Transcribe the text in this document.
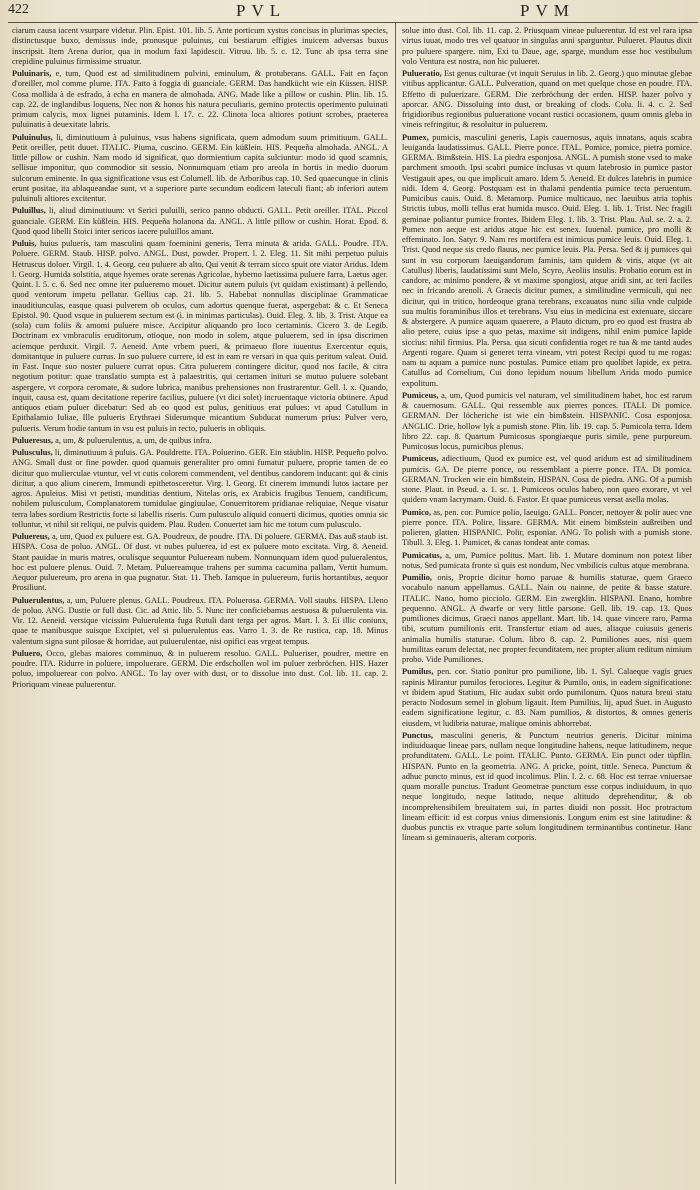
422	PVL	PVM

ciarum causa iacent vsurpare videtur. Plin. Epist. 101. lib. 5. Ante porticum xystus concisus in plurimas species, distinctusque buxo, demissus inde, pronusque puluinus, cui bestiarum effigies inuicem adversas buxus inscripsit. Item Arena durior, qua in modum faxi lapidescit. Vitruu. lib. 5. c. 12. Tunc ab ipsa terra sine crepidine puluinus firmissime struatur.

Puluinaris, e, tum, Quod est ad similitudinem pulvini, eminulum, & protuberans. GALL. Fait en façon d'oreiller, mol comme plume. ITA. Fatto à foggia di guanciale. GERM. Das handkücht wie ein Küssen. HISP. Cosa mollida à de esfrado, à echa en manera de almohada. ANG. Made like a pillow or cushin. Plin. lib. 15. cap. 22. de inglandibus loquens, Nec non & honos his natura peculiaris, gemino protectis operimento puluinati primum calycis, mox lignei putaminis. Idem l. 17. c. 22. Clinota loca altiores potiunt scrobes, praeterea puluinatis à deuexitate labris.

Puluinulus, li, diminutiuum à puluinus, vsus habens significata, quem admodum suum primitiuum. GALL. Petit oreiller, petit duuet. ITALIC. Piuma, cuscino. GERM. Ein küßlein. HIS. Pequeña almohada. ANGL. A little pillow or cushin. Nam modo id significat, quo dormientium capita sulciuntur: modo id quod scamnis, sellisue imponitur, quo commodior sit sessio. Nonnumquam etiam pro areola in hortis in medio duorum sulcorum eminente. In qua significatione vsus est Columell. lib. de Arboribus cap. 10. Sed quaecunque in clinis erunt positae, ita ablaqueandae sunt, vt a superiore parte secundum eodicem lateculi fiant; ab inferiori autem puluinuli altiores excitentur.

Puluillus, li, aliud diminutiuum: vt Serici puluilli, serico panno obducti. GALL. Petit oreiller. ITAL. Piccol guanciale. GERM. Ein küßlein. HIS. Pequeña holanona da. ANGL. A little pillow or cushin. Horat. Epod. 8. Quod quod libelli Stoici inter sericos iacere puluillos amant.

Puluis, huius puluerís, tam masculini quam foeminini generis, Terra minuta & arida. GALL. Poudre. ITA. Poluere. GERM. Staub. HISP. polvo. ANGL. Dust, powder. Propert. l. 2. Eleg. 11. Sit mihi perpetuo puluis Hetruscus doloer. Virgil. 1. 4. Georg. ceu puluere ab alto, Qui venit & terram sicco spuit ore viator Aridus. Idem l. Georg. Humida solstitia, atque hyemes orate serenas Agricolae, hyberno laetissima puluere farra, Laetus ager. Quint. l. 5. c. 6. Sed nec omne iter pulueremo mouet. Dicitur autem puluis (vt quidam existimant) à pellendo, quod ventorum impetu pellatur. Gellius cap. 21. lib. 5. Habebat nonnullas disciplinae Grammaticae inauditiunculas, easque quasi pulverem ob oculos, cum adortus quenque fuerat, aspergebat: & c. Et Seneca Epistol. 90. Quod vsque in puluerem sectum est (i. in minimas particulas). Ouid. Eleg. 3. lib. 3. Trist. Atque ea (sola) cum foliis & amomi puluere misce. Accipitur aliquando pro loco certaminis. Cicero 3. de Legib. Doctrinam ex vmbraculis eruditorum, otioque, non modo in solem, atque puluerem, sed in ipsa discrimen aciemque perduxit. Virgil. 7. Aeneid. Ante vrbem pueri, & primaeuo flore iuuentus Exercentur equis, domitantque in puluere currus. In suo puluere currere, id est in eam re versari in qua quis peritum valeat. Ouid. in Fast. Inque suo noster puluere currat opus. Citra puluerem contingere dicitur, quod nos facile, & citra negotium potitur: quae translatio sumpta est à palaestritis, qui certamen inituri se mutuo puluere solebant aspergere, vt corpora ceromate, & sudore lubrica, manibus prehensiones non frustrarentur. Gell. l. x. Quando, inquit, causa est, quam decitatione reperire facilius, puluere (vt dici solet) incruentaque victoria obtinere. Apud antiquos etiam puluer dicebatur: Sed ab eo quod est pulus, genitiuus erat pulues: vt apud Catullum in Epithalamio Iuliae, Ille pulueris Erythraei Siderumque micantium Subducat numerum prius: Pulver vero, pulueris. Verum hodie tantum in vsu est puluis in recto, pulueris in obliquis.

Pulueresus, a, um, & puluerulentus, a, um, de quibus infra.

Pulusculus, li, diminutiuum à puluis. GA. Pouldrette. ITA. Poluerino. GER. Ein stäublin. HISP. Pequeño polvo. ANG. Small dust or fine powder. quod quamuis generaliter pro omni fumatur puluere, proprie tamen de eo dicitur quo mulierculae vtuntur, vel vt cutis colorem commendent, vel dentibus candorem inducant: qui & cinis dicitur, a quo alium cinerem, Immundi epithetosceretur. Virg. l. Georg. Et cinerem immundi lutos iactare per agros. Apuleius. Misi vt petisti, munditias dentium, Nitelas oris, ex Arabicis frugibus Tenuem, candificum, nobilem pulusculum, Complanatorem tumidulae gingiuulae, Conuerritorem pridianae reliquiae, Neque visatur terra labes sordium Restrictis forte si labellis riseris. Cum pulusculo aliquid conuerti dicimus, quoties omnia sic tolluntur, vt nihil sit reliqui, ne pulvis quidem. Plau. Ruden. Conuertet iam hic me totum cum pulusculo.

Puluereus, a, um, Quod ex puluere est. GA. Poudreux, de poudre. ITA. Di poluere. GERMA. Das auß staub ist. HISPA. Cosa de poluo. ANGL. Of dust. vt nubes puluerea, id est ex puluere moto excitata. Virg. 8. Aeneid. Stant pauidae in muris matres, oculisque sequuntur Pulueream nubem. Nonnunquam idem quod pulueralentus, hoc est puluere plenus. Ouid. 7. Metam. Puluereamque trahens per summa cacumina pallam, Vertit humum. Aequor puluereum, pro arena in qua pugnatur. Stat. 11. Theb. Iamque in puluereum, furiis hortantibus, aequor Prosiliunt.

Puluerulentus, a, um, Puluere plenus. GALL. Poudreux. ITA. Poluerosa. GERMA. Voll staubs. HISPA. Lleno de poluo. ANG. Dustie or full dust. Cic. ad Attic. lib. 5. Nunc iter conficiebamus aestuosa & puluerulenta via. Vir. 12. Aeneid. versique vicissim Puluerulenta fuga Rutuli dant terga per agros. Mart. l. 3. Ei illic coniunx, quae te manibusque suisque Excipiet, vel si puluerulentus eas. Varro 1. 3. de Re rustica, cap. 18. Minus valentum signa sunt pilosae & horridae, aut puluerulentae, nisi opifici eas vrgeat tempus.

Puluero, Occo, glebas maiores comminuo, & in puluerem resoluo. GALL. Pulueriser, poudrer, mettre en poudre. ITA. Ridurre in poluere, impoluerare. GERM. Die erdschollen wol im puluer zerbröchen. HIS. Hazer poluo, impoluerear con polvo. ANGL. To lay over with dust, or to dissolue into dust. Col. lib. 11. cap. 2. Prioriquam vineae puluerentur.

solue into dust. Col. lib. 11. cap. 2. Priusquam vineae puluerentur. Id est vel rara ipsa virtus iuuat, modo tres vel quatuor in singulas anni sparguntur. Pulueret. Plautus dixit pro puluere spargere. nim, Exi tu Daue, age, sparge, mundum esse hoc vestibulum volo Ventura est nostra, non hic pulueret.

Pulueratio, Est genus culturae (vt inquit Seruius in lib. 2. Georg.) quo minutae glebae vitibus applicantur. GALL. Pulveration, quand on met quelque chose en poudre. ITA. Effetto di puluerizare. GERM. Die zerbröchung der erden. HISP. hazer polvo y aporcar. ANG. Dissoluing into dust, or breaking of clods. Colu. li. 4. c. 2. Sed frigidioribus regionibus pulueratione vocant rustici occasionem, quum omnis gleba in vineis refringitur, & resoluitur in puluerem.

Pumex, pumicis, masculini generis, Lapis cauernosus, aquis innatans, aquis scabra leuiganda laudatissimus. GALL. Pierre ponce. ITAL. Pomice, pomice, pietra pomice. GERMA. Bimßstein. HIS. La piedra esponjosa. ANGL. A pumish stone vsed to make parchment smooth. Ipsi scabri pumice inclusas vt quum latebrosio in pumice pastor Vestigauit apes, ou que implicuit amaro. Idem 5. Aeneid. Et dulces latebris in pumice nidi. Idem 4. Georg. Postquam est in thalami pendentia pumice tecta peruentum. Pumicibus cauis. Ouid. 8. Metamorp. Pumice multicauo, nec laeuibus atria tophis Strictis iubus, molli tellus erat humida musco. Ouid. Eleg. 1. lib. 1. Trist. Nec fragili geminae poliantur pumice frontes. Ibidem Eleg. 1. lib. 3. Trist. Plau. Aul. se. 2. a. 2. Pumex non aeque est aridus atque hic est senex. Iuuenal. pumice, pro molli & effeminato. Ion. Satyr. 9. Nam res mortifera est inimicus pumice leuis. Ouid. Eleg. 1. Trist. Quod neque sis credo flauus, nec pumice leuis. Pla. Persa. Sed & ij pumices qui sunt in vsu corporum laeuigandorum faminis, iam quidem & viris, atque (vt ait Catullus) liberis, laudatissimi sunt Melo, Scyro, Aeoliis insulis. Probatio eorum est in candore, ac minimo pondere, & vt maxime spongiosi, atque aridi sint, ac teri faciles nec in fricando arenoli. A Graecis dicitur pumex, a similitudine vermiculi, qui nec dicitur, qui in tritico, hordeoque grana terebrans, excauatos nunc silia vnde culpide sua multis foraminibus illos et terebrans. Vsu eius in medicina est extenuare, siccare & abstergere. A pumice aquam quaerere, a Plauto dictum, pro eo quod est frustra ab alio petere, cuius ipse a quo petas, maxime sit indigens, nihil enim pumice lapide siccius: nihil firmius. Pla. Persa. qua sicuti confidentia roget re tua & me tantd audes Argenti rogare. Quam si generet terra vineam, vtri potest Recipi quod tu me rogas: nam tu aquam a pumice nunc postulas. Pumice etiam pro quolibet lapide, ex petra. Catullus ad Cornelium, Cui dono lepidum nouum libellum Arida modo pumice expolitum.

Pumiceus, a, um, Quod pumicis vel naturam, vel similitudinem habet, hoc est rarum & cauernosum. GALL. Qui ressemble aux pierres ponces. ITALI. Di pomice. GERMAN. Der löcheriche ist wie ein bimßstein. HISPANIC. Cosa esponjosa. ANGLIC. Drie, hollow lyk a pumish stone. Plin. lib. 19. cap. 5. Pumicola terra. Idem libro 22. cap. 8. Quartum Pumicosus spongiaeque puris simile, pene purpureum. Pumicosus locus, pumicibus plenus.

Pumiceus, adiectiuum, Quod ex pumice est, vel quod aridum est ad similitudinem pumicis. GA. De pierre ponce, ou ressemblant a pierre ponce. ITA. Di pomica. GERMAN. Trocken wie ein bimßstein. HISPAN. Cosa de piedra. ANG. Of a pumish stone. Plaut. in Pseud. a. 1. sc. 1. Pumiceos oculos habeo, non queo exorare, vt vel quidem vnam lacrymam. Ouid. 6. Fastor. Et quae pumiceus versat asella molas.

Pumico, as, pen. cor. Pumice polio, laeuigo. GALL. Poncer, nettoyer & polir auec vne pierre ponce. ITA. Polire, lissare. GERMA. Mit einem bimßstein außreiben und polieren, glatten. HISPANIC. Polir, esponiar. ANG. To polish with a pumish stone. Tibull. 3. Eleg. 1. Pumicet, & canas tondeat ante comas.

Pumicatus, a, um, Pumice politus. Mart. lib. 1. Mutare dominum non potest liber notus, Sed pumicata fronte si quis est nondum, Nec vmbilicis cultus atque membrana.

Pumilio, onis, Proprie dicitur homo paruae & humilis staturae, quem Graeco vocabulo nanum appellamus. GALL. Nain ou nainne, de petite & basse stature. ITALIC. Nano, homo picciolo. GERM. Ein zwergklin. HISPANI. Enano, hombre pequenno. ANGL. A dwarfe or very little parsone. Gell. lib. 19. cap. 13. Quos pumiliones dicimus, Graeci nanos appellant. Mart. lib. 14. quae vincere raro, Parma tibi, scutum pumilionis erit. Transfertur etiam ad aues, aliaque cuiusuis generis animalia humilis staturae. Colum. libro 8. cap. 2. Pumiliones aues, nisi quem humilitas earum delectat, nec propter fecunditatem, nec propter alium reditum nimium probo. Vide Pumiliones.

Pumilus, pen. cor. Statio ponitur pro pumilione, lib. 1. Syl. Calaeque vagis grues rapinis Mirantur pumilos ferociores. Legitur & Pumilo, onis, in eadem significatione: vt ibidem apud Statium, Hic audax subit ordo pumilonum. Quos natura breui statu peracto Nodosum semel in globum ligauit. Item Pumilius, lij, apud Suet. in Augusto eadem significatione legitur, c. 83. Nam pumilios, & distortos, & omnes generis eiusdem, vt ludibria naturae, malique ominis abhorrebat.

Punctus, masculini generis, & Punctum neutrius generis. Dicitur minima indiuiduaque lineae pars, nullam neque longitudine habens, neque latitudinem, neque profunditatem. GALL. Le point. ITALIC. Punto. GERMA. Ein punct oder tüpflin. HISPAN. Punto en la geometria. ANG. A pricke, point, tittle. Seneca. Punctum & adhuc puncto minus, est id quod incolimus. Plin. l. 2. c. 68. Hoc est terrae vniuersae quam moralle punctus. Tradunt Geometrae punctum esse corpus indiuiduum, in quo neque longitudo, neque latitudo, neque altitudo deprehenditur, & ob incomprehensibilem breuitatem sui, in partes diuidi non possit. Hoc protractum lineam efficit: id est corpus vnius dimensionis. Longum enim est sine latitudine: & duobus punctis ex vtraque parte solum longitudinem terminantibus continetur. Hanc lineam si geminaueris, alteram corporis.
